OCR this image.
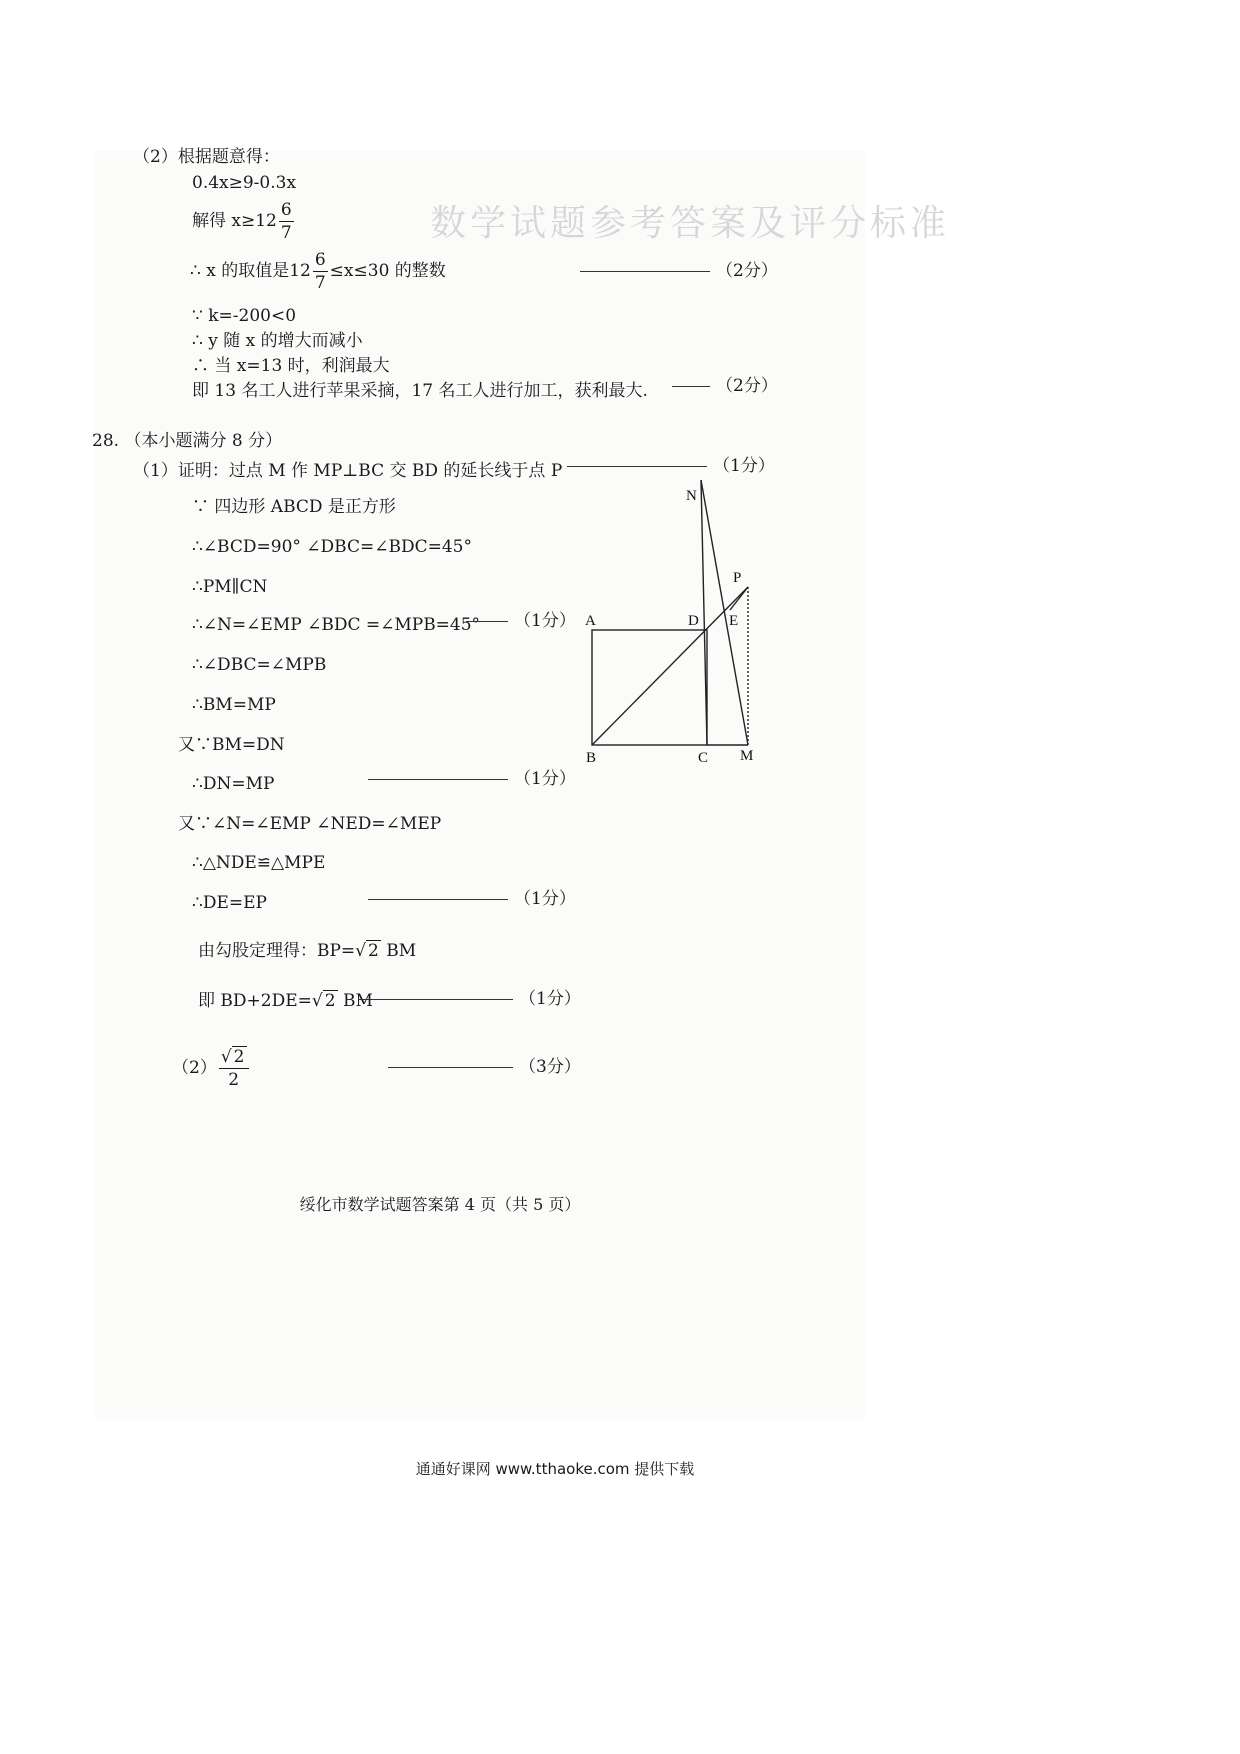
数学试题参考答案及评分标准
（2）根据题意得：
0.4x≥9-0.3x
解得 $x\ge 12 \frac{6}{7}$
∴ x 的取值是$12 \frac{6}{7} \le x\le 30$ 的整数	（2分）
∵ k=-200<0
∴ y 随 x 的增大而减小
∴ 当 x=13 时，利润最大
即 13 名工人进行苹果采摘，17 名工人进行加工，获利最大.	（2分）
28. （本小题满分 8 分）
（1）证明：过点 M 作 MP⊥BC 交 BD 的延长线于点 P	（1分）
∵ 四边形 ABCD 是正方形
∴∠BCD=90° ∠DBC=∠BDC=45°
∴PM∥CN
∴∠N=∠EMP ∠BDC =∠MPB=45°	（1分）
∴∠DBC=∠MPB
∴BM=MP
又∵BM=DN
∴DN=MP	（1分）
又∵∠N=∠EMP ∠NED=∠MEP
∴△NDE≌△MPE
∴DE=EP	（1分）
由勾股定理得：BP=√ 2 BM
即 BD+2DE=√ 2 BM	（1分）
$(2) \frac{√ 2}{2}$	（3分）
N
P
A	D E
B	C M
绥化市数学试题答案第 4 页（共 5 页）
通通好课网 www.tthaoke.com 提供下载
